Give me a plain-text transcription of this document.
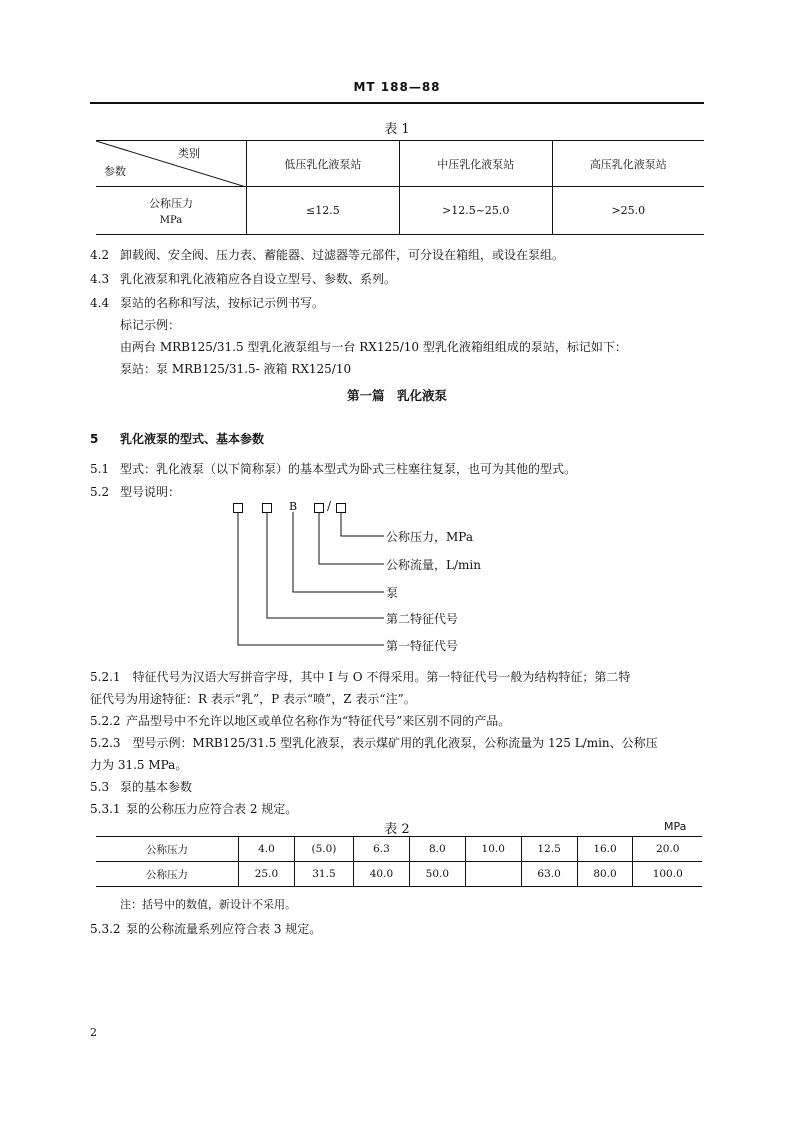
MT 188—88
表 1
类别
参数	低压乳化液泵站	中压乳化液泵站	高压乳化液泵站

公称压力
MPa	≤12.5	>12.5~25.0	>25.0
4.2 卸载阀、安全阀、压力表、蓄能器、过滤器等元部件，可分设在箱组，或设在泵组。
4.3 乳化液泵和乳化液箱应各自设立型号、参数、系列。
4.4 泵站的名称和写法，按标记示例书写。
标记示例：
由两台 MRB125/31.5 型乳化液泵组与一台 RX125/10 型乳化液箱组组成的泵站，标记如下：
泵站：泵 MRB125/31.5- 液箱 RX125/10
第一篇　乳化液泵
5 乳化液泵的型式、基本参数
5.1 型式：乳化液泵（以下简称泵）的基本型式为卧式三柱塞往复泵，也可为其他的型式。
5.2 型号说明：
B /
公称压力，MPa
公称流量，L/min
泵
第二特征代号
第一特征代号
5.2.1　特征代号为汉语大写拼音字母，其中 I 与 O 不得采用。第一特征代号一般为结构特征；第二特
征代号为用途特征：R 表示“乳”，P 表示“喷”，Z 表示“注”。
5.2.2 产品型号中不允许以地区或单位名称作为“特征代号”来区别不同的产品。
5.2.3　型号示例：MRB125/31.5 型乳化液泵，表示煤矿用的乳化液泵，公称流量为 125 L/min、公称压
力为 31.5 MPa。
5.3 泵的基本参数
5.3.1 泵的公称压力应符合表 2 规定。
表 2	MPa
公称压力	4.0	(5.0)	6.3	8.0	10.0	12.5	16.0	20.0
公称压力	25.0	31.5	40.0	50.0		63.0	80.0	100.0
注：括号中的数值，新设计不采用。
5.3.2 泵的公称流量系列应符合表 3 规定。
2
